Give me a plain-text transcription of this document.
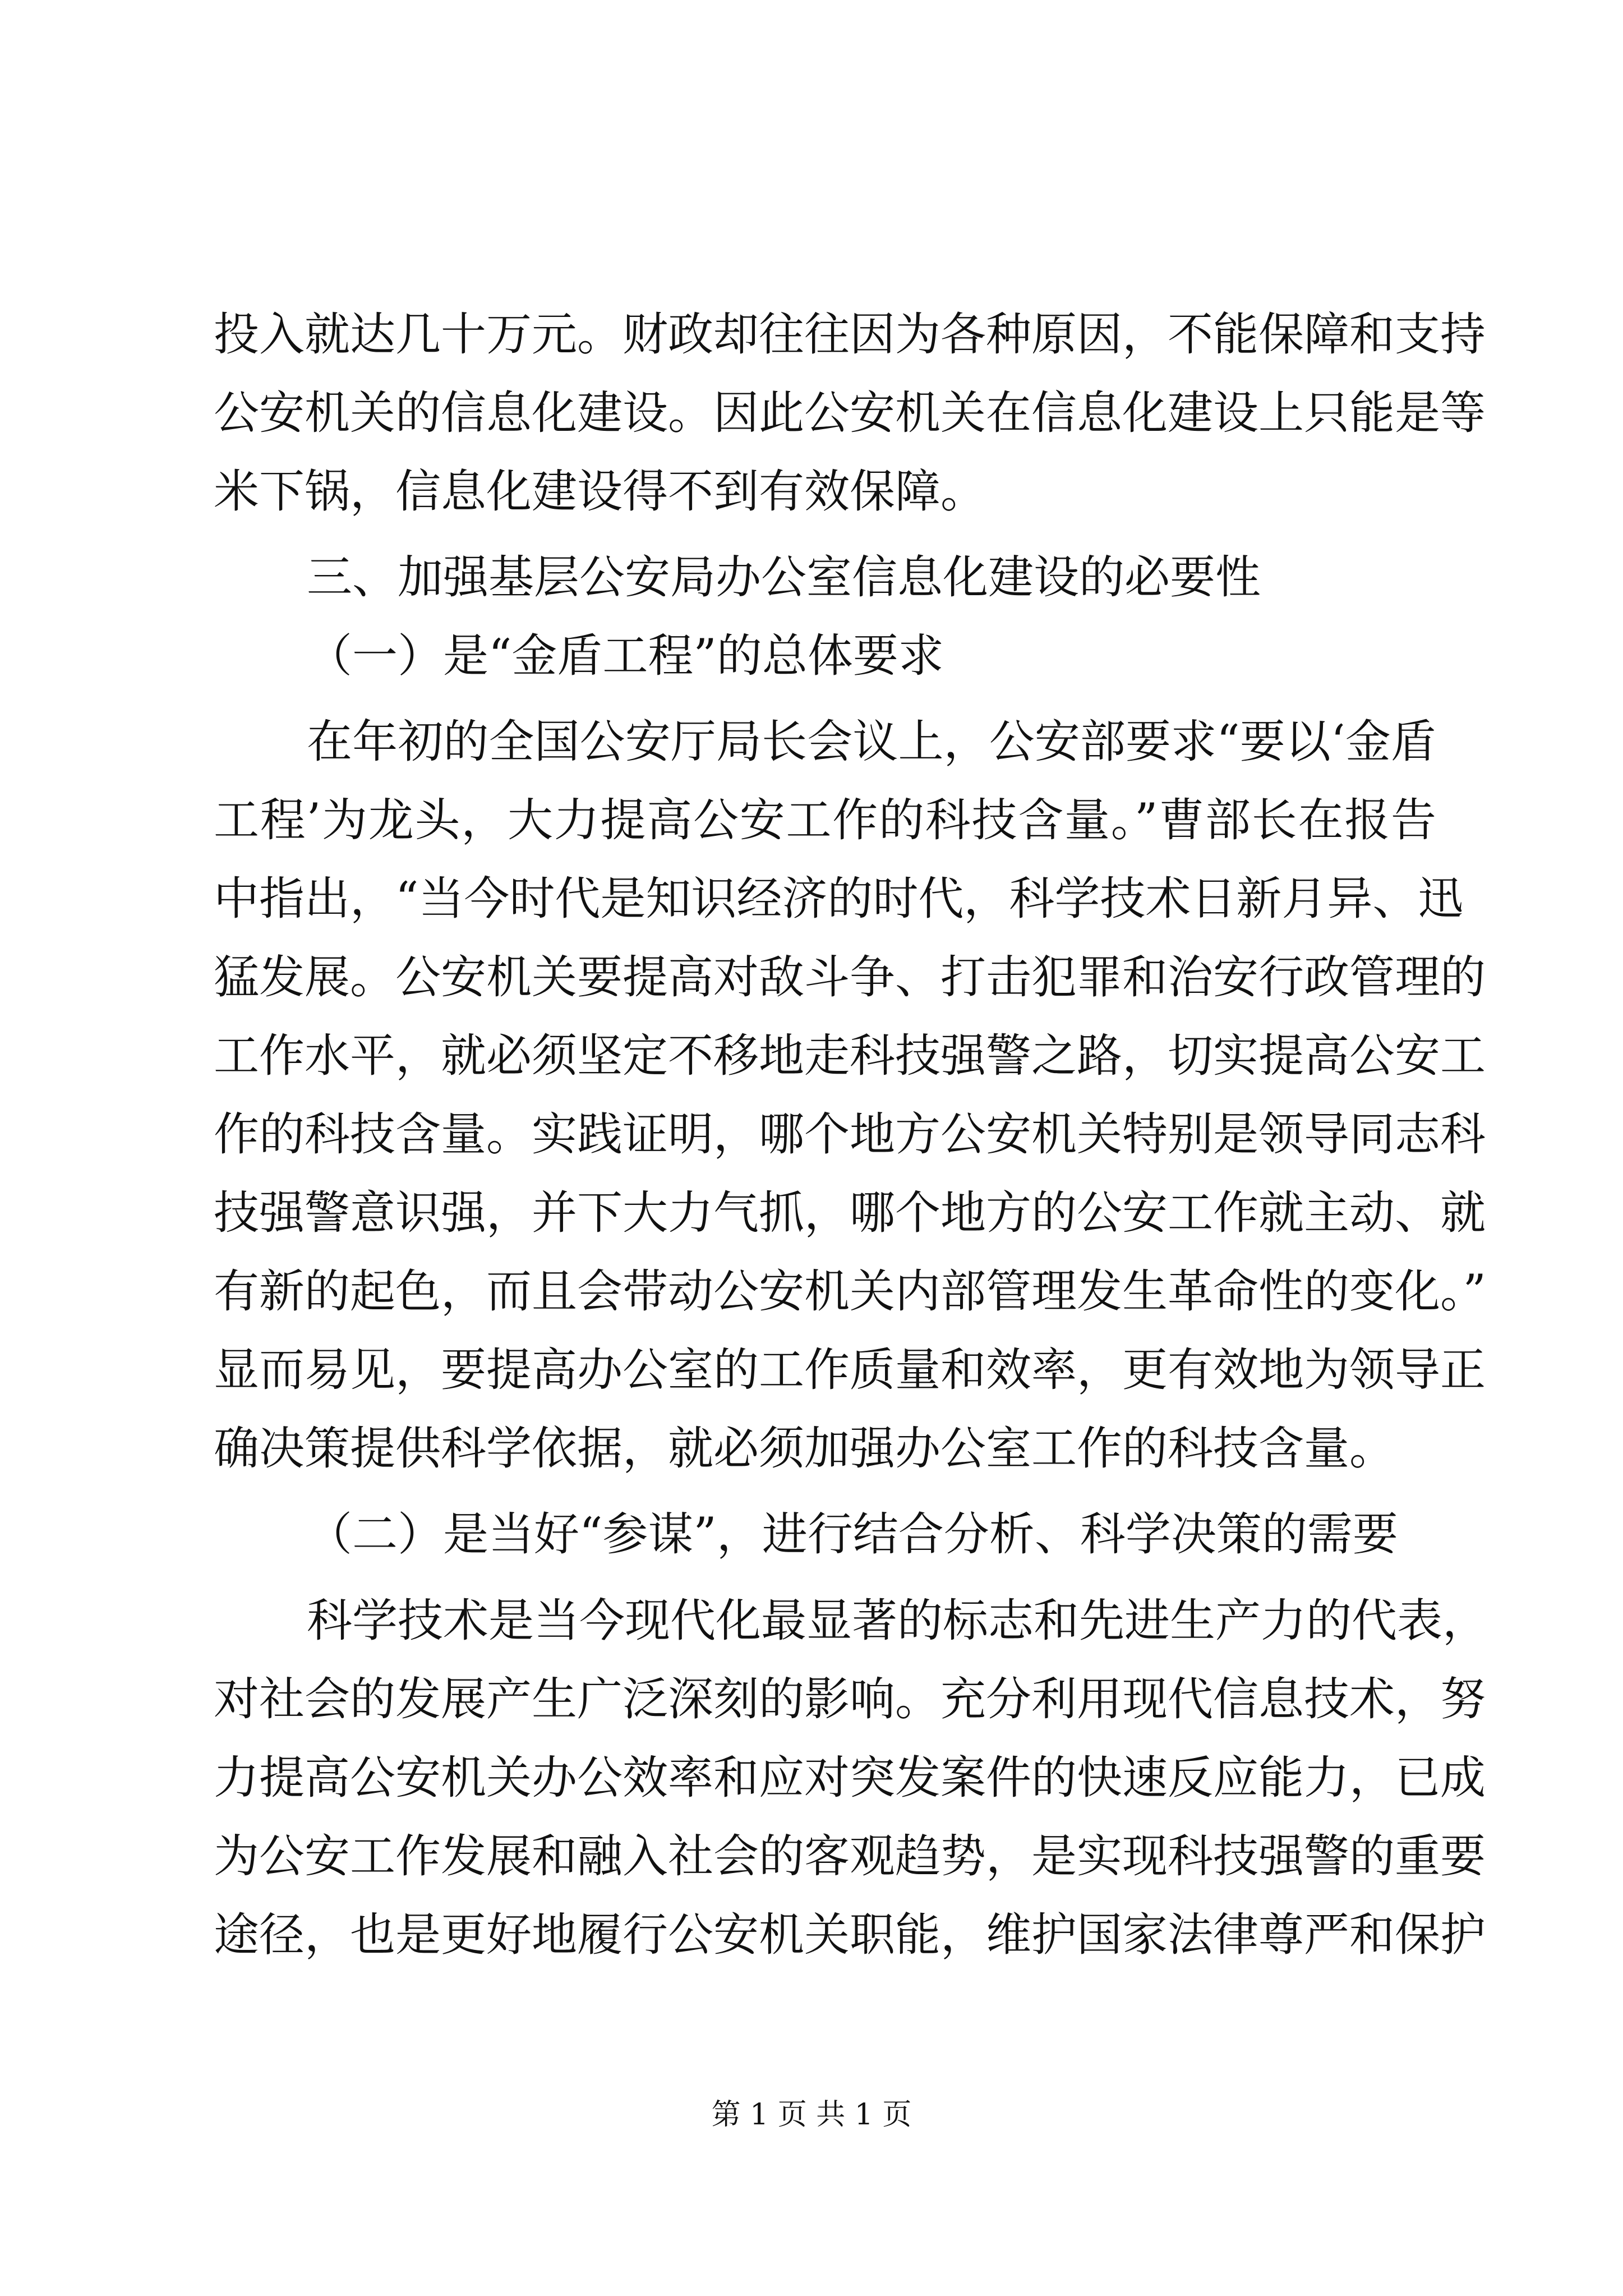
投入就达几十万元。财政却往往因为各种原因，不能保障和支持
公安机关的信息化建设。因此公安机关在信息化建设上只能是等
米下锅，信息化建设得不到有效保障。
三、加强基层公安局办公室信息化建设的必要性
（一）是“金盾工程”的总体要求
在年初的全国公安厅局长会议上，公安部要求“要以‘金盾
工程’为龙头，大力提高公安工作的科技含量。”曹部长在报告
中指出，“当今时代是知识经济的时代，科学技术日新月异、迅
猛发展。公安机关要提高对敌斗争、打击犯罪和治安行政管理的
工作水平，就必须坚定不移地走科技强警之路，切实提高公安工
作的科技含量。实践证明，哪个地方公安机关特别是领导同志科
技强警意识强，并下大力气抓，哪个地方的公安工作就主动、就
有新的起色，而且会带动公安机关内部管理发生革命性的变化。”
显而易见，要提高办公室的工作质量和效率，更有效地为领导正
确决策提供科学依据，就必须加强办公室工作的科技含量。
（二）是当好“参谋”，进行结合分析、科学决策的需要
科学技术是当今现代化最显著的标志和先进生产力的代表，
对社会的发展产生广泛深刻的影响。充分利用现代信息技术，努
力提高公安机关办公效率和应对突发案件的快速反应能力，已成
为公安工作发展和融入社会的客观趋势，是实现科技强警的重要
途径，也是更好地履行公安机关职能，维护国家法律尊严和保护
第 1 页 共 1 页
